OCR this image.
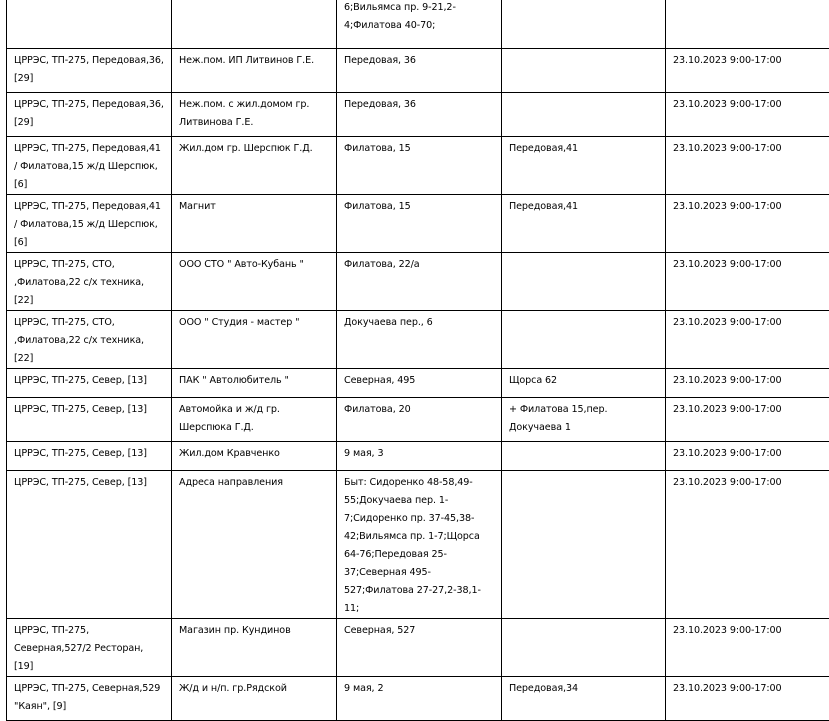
		6;Вильямса пр. 9-21,2-4;Филатова 40-70;		
ЦРРЭС, ТП-275, Передовая,36, [29]	Неж.пом. ИП Литвинов Г.Е.	Передовая, 36		23.10.2023 9:00-17:00
ЦРРЭС, ТП-275, Передовая,36, [29]	Неж.пом. с жил.домом гр. Литвинова Г.Е.	Передовая, 36		23.10.2023 9:00-17:00
ЦРРЭС, ТП-275, Передовая,41 / Филатова,15 ж/д Шерспюк, [6]	Жил.дом гр. Шерспюк Г.Д.	Филатова, 15	Передовая,41	23.10.2023 9:00-17:00
ЦРРЭС, ТП-275, Передовая,41 / Филатова,15 ж/д Шерспюк, [6]	Магнит	Филатова, 15	Передовая,41	23.10.2023 9:00-17:00
ЦРРЭС, ТП-275, СТО, ,Филатова,22 с/х техника, [22]	ООО СТО " Авто-Кубань "	Филатова, 22/а		23.10.2023 9:00-17:00
ЦРРЭС, ТП-275, СТО, ,Филатова,22 с/х техника, [22]	ООО " Студия - мастер "	Докучаева пер., 6		23.10.2023 9:00-17:00
ЦРРЭС, ТП-275, Север, [13]	ПАК " Автолюбитель "	Северная, 495	Щорса 62	23.10.2023 9:00-17:00
ЦРРЭС, ТП-275, Север, [13]	Автомойка и ж/д гр. Шерспюка Г.Д.	Филатова, 20	+ Филатова 15,пер. Докучаева 1	23.10.2023 9:00-17:00
ЦРРЭС, ТП-275, Север, [13]	Жил.дом Кравченко	9 мая, 3		23.10.2023 9:00-17:00
ЦРРЭС, ТП-275, Север, [13]	Адреса направления	Быт: Сидоренко 48-58,49-55;Докучаева пер. 1-7;Сидоренко пр. 37-45,38-42;Вильямса пр. 1-7;Щорса 64-76;Передовая 25-37;Северная 495-527;Филатова 27-27,2-38,1-11;		23.10.2023 9:00-17:00
ЦРРЭС, ТП-275, Северная,527/2 Ресторан, [19]	Магазин пр. Кундинов	Северная, 527		23.10.2023 9:00-17:00
ЦРРЭС, ТП-275, Северная,529 "Каян", [9]	Ж/д и н/п. гр.Рядской	9 мая, 2	Передовая,34	23.10.2023 9:00-17:00
